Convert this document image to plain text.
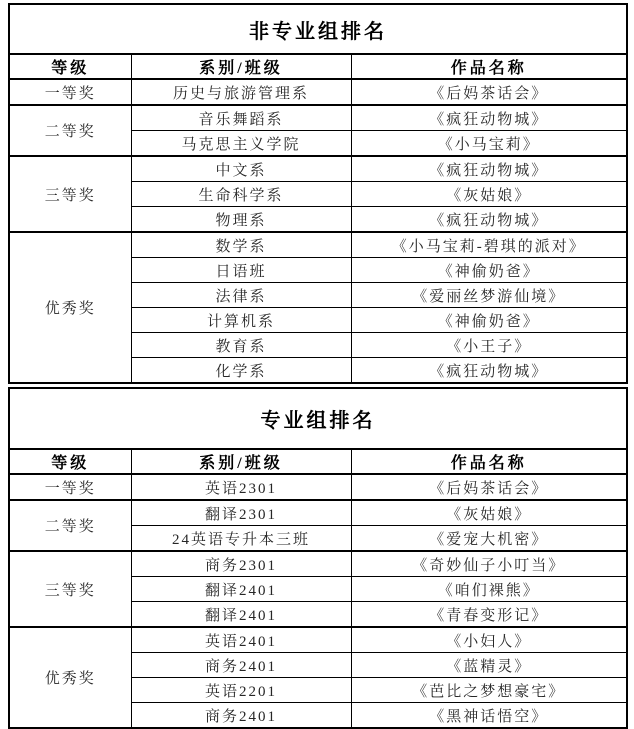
非专业组排名		
等级	系别/班级	作品名称
一等奖	历史与旅游管理系	《后妈茶话会》
二等奖	音乐舞蹈系	《疯狂动物城》
	马克思主义学院	《小马宝莉》
三等奖	中文系	《疯狂动物城》
	生命科学系	《灰姑娘》
	物理系	《疯狂动物城》
优秀奖	数学系	《小马宝莉-碧琪的派对》
	日语班	《神偷奶爸》
	法律系	《爱丽丝梦游仙境》
	计算机系	《神偷奶爸》
	教育系	《小王子》
	化学系	《疯狂动物城》
专业组排名		
等级	系别/班级	作品名称
一等奖	英语2301	《后妈茶话会》
二等奖	翻译2301	《灰姑娘》
	24英语专升本三班	《爱宠大机密》
三等奖	商务2301	《奇妙仙子小叮当》
	翻译2401	《咱们裸熊》
	翻译2401	《青春变形记》
优秀奖	英语2401	《小妇人》
	商务2401	《蓝精灵》
	英语2201	《芭比之梦想豪宅》
	商务2401	《黑神话悟空》
